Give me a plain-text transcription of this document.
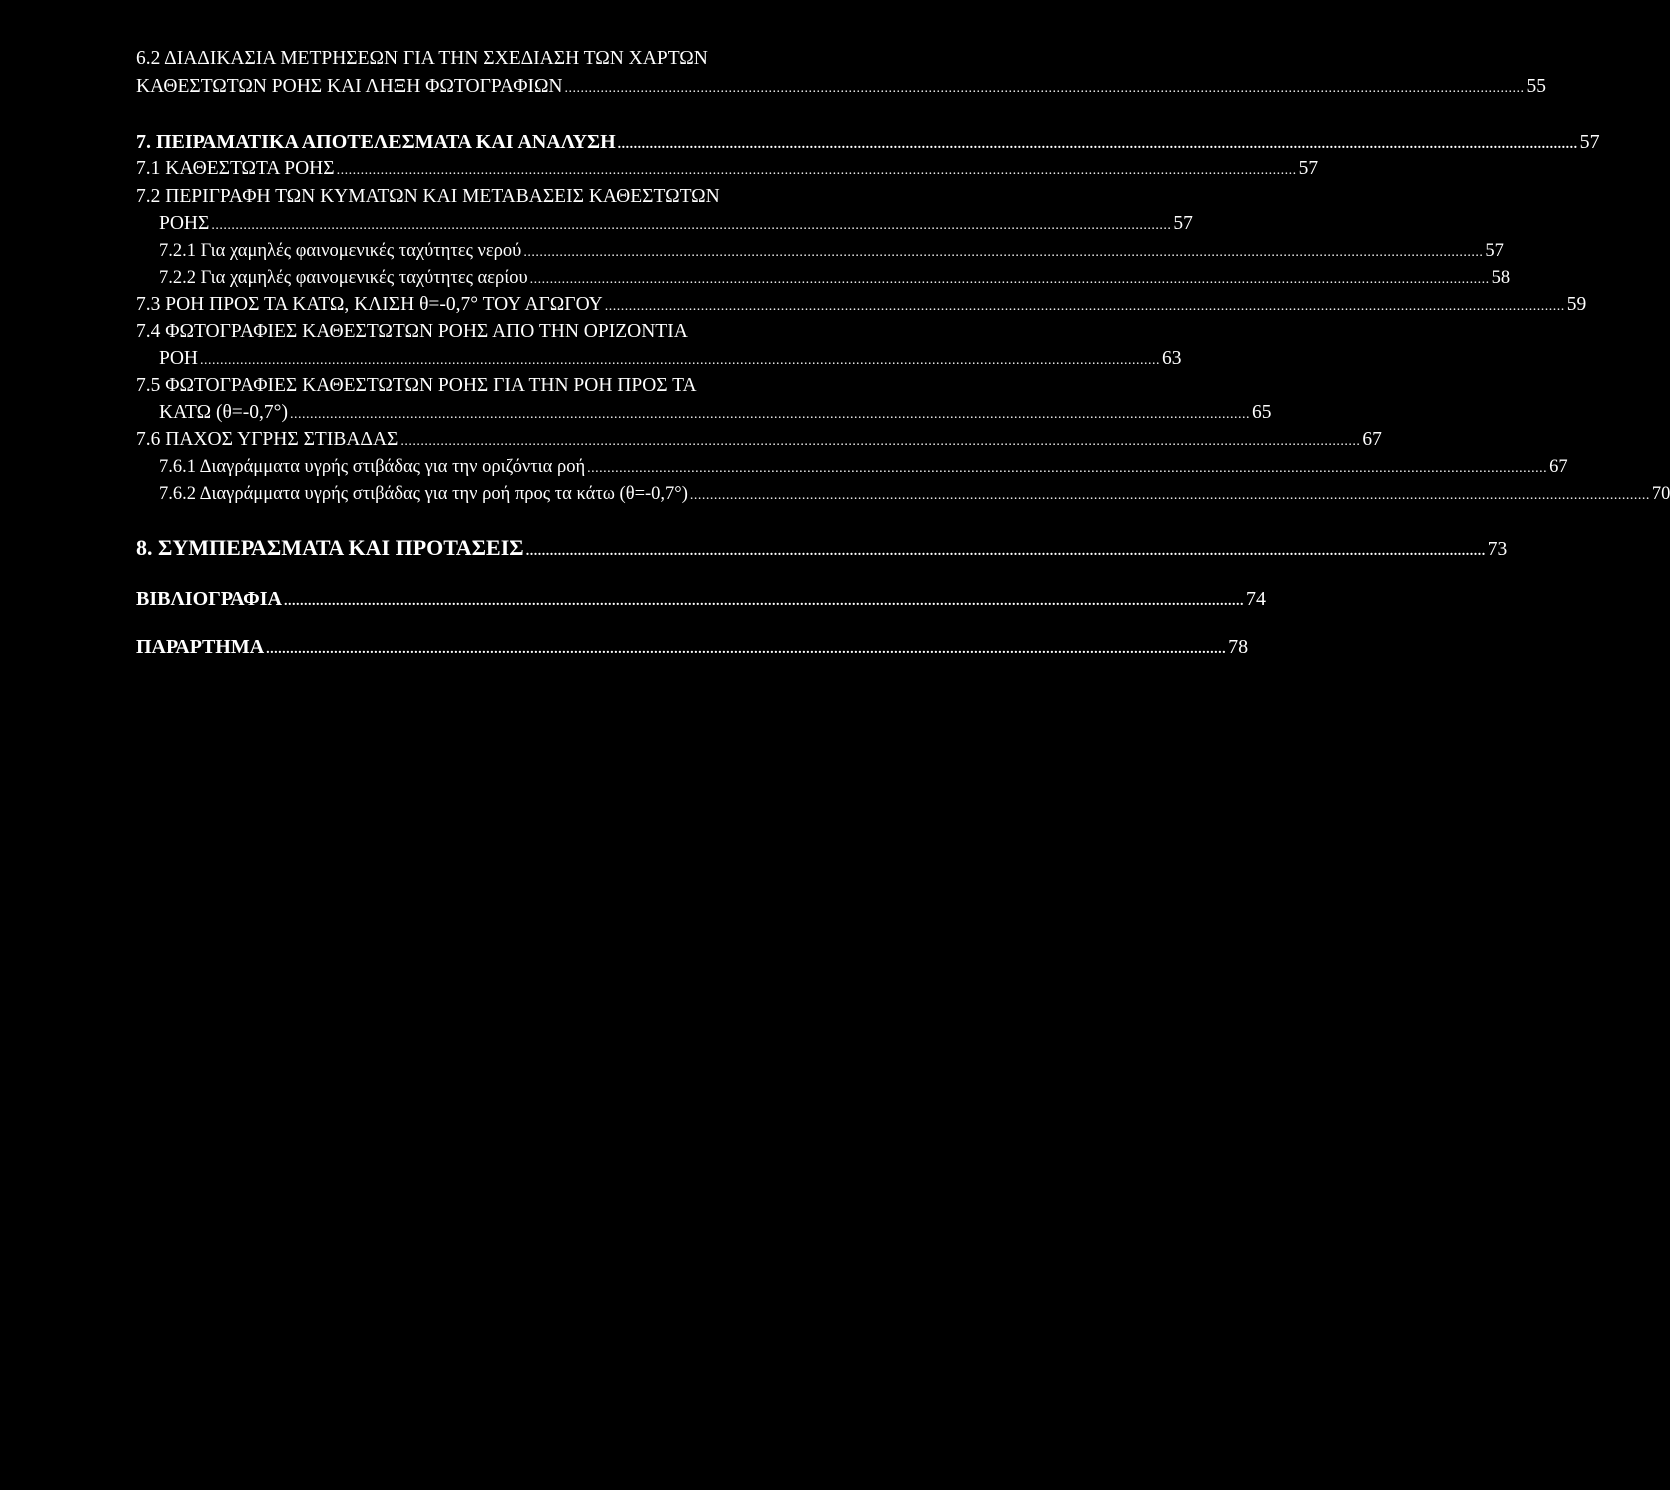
6.2 ΔΙΑΔΙΚΑΣΙΑ ΜΕΤΡΗΣΕΩΝ ΓΙΑ ΤΗΝ ΣΧΕΔΙΑΣΗ ΤΩΝ ΧΑΡΤΩΝ
ΚΑΘΕΣΤΩΤΩΝ ΡΟΗΣ ΚΑΙ ΛΗΞΗ ΦΩΤΟΓΡΑΦΙΩΝ ................................................................................................................................................................................................................................................ 55
7. ΠΕΙΡΑΜΑΤΙΚΑ ΑΠΟΤΕΛΕΣΜΑΤΑ ΚΑΙ ΑΝΑΛΥΣΗ ................................................................................................................................................................................................................................................ 57
7.1 ΚΑΘΕΣΤΩΤΑ ΡΟΗΣ ................................................................................................................................................................................................................................................ 57
7.2 ΠΕΡΙΓΡΑΦΗ ΤΩΝ ΚΥΜΑΤΩΝ ΚΑΙ ΜΕΤΑΒΑΣΕΙΣ ΚΑΘΕΣΤΩΤΩΝ
ΡΟΗΣ ................................................................................................................................................................................................................................................ 57
7.2.1 Για χαμηλές φαινομενικές ταχύτητες νερού ................................................................................................................................................................................................................................................ 57
7.2.2 Για χαμηλές φαινομενικές ταχύτητες αερίου ................................................................................................................................................................................................................................................ 58
7.3 ΡΟΗ ΠΡΟΣ ΤΑ ΚΑΤΩ, ΚΛΙΣΗ θ=-0,7° ΤΟΥ ΑΓΩΓΟΥ ................................................................................................................................................................................................................................................ 59
7.4 ΦΩΤΟΓΡΑΦΙΕΣ ΚΑΘΕΣΤΩΤΩΝ ΡΟΗΣ ΑΠΟ ΤΗΝ ΟΡΙΖΟΝΤΙΑ
ΡΟΗ ................................................................................................................................................................................................................................................ 63
7.5 ΦΩΤΟΓΡΑΦΙΕΣ ΚΑΘΕΣΤΩΤΩΝ ΡΟΗΣ ΓΙΑ ΤΗΝ ΡΟΗ ΠΡΟΣ ΤΑ
ΚΑΤΩ (θ=-0,7°) ................................................................................................................................................................................................................................................ 65
7.6 ΠΑΧΟΣ ΥΓΡΗΣ ΣΤΙΒΑΔΑΣ ................................................................................................................................................................................................................................................ 67
7.6.1 Διαγράμματα υγρής στιβάδας για την οριζόντια ροή ................................................................................................................................................................................................................................................ 67
7.6.2 Διαγράμματα υγρής στιβάδας για την ροή προς τα κάτω (θ=-0,7°) ................................................................................................................................................................................................................................................ 70
8. ΣΥΜΠΕΡΑΣΜΑΤΑ ΚΑΙ ΠΡΟΤΑΣΕΙΣ ................................................................................................................................................................................................................................................ 73
ΒΙΒΛΙΟΓΡΑΦΙΑ ................................................................................................................................................................................................................................................ 74
ΠΑΡΑΡΤΗΜΑ ................................................................................................................................................................................................................................................ 78
